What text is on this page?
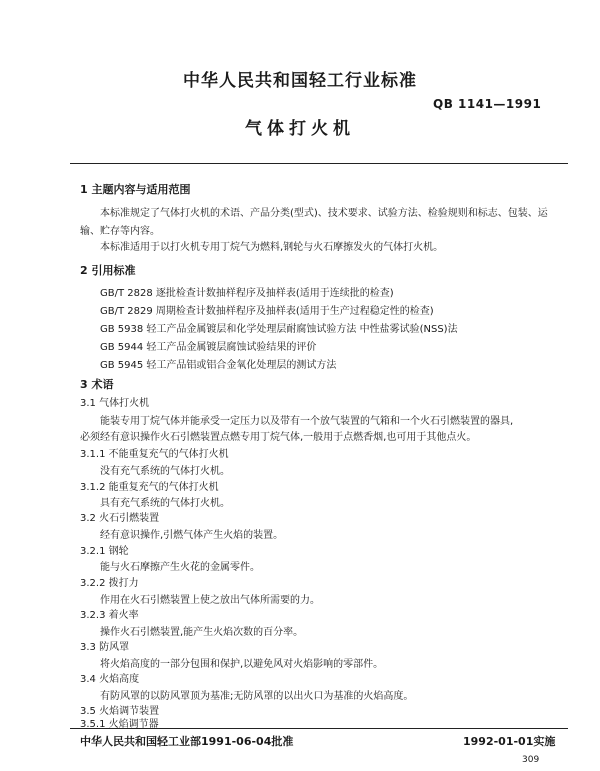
中华人民共和国轻工行业标准
QB 1141—1991
气体打火机
1 主题内容与适用范围
本标准规定了气体打火机的术语、产品分类(型式)、技术要求、试验方法、检验规则和标志、包装、运
输、贮存等内容。
本标准适用于以打火机专用丁烷气为燃料,钢轮与火石摩擦发火的气体打火机。
2 引用标准
GB/T 2828 逐批检查计数抽样程序及抽样表(适用于连续批的检查)
GB/T 2829 周期检查计数抽样程序及抽样表(适用于生产过程稳定性的检查)
GB 5938 轻工产品金属镀层和化学处理层耐腐蚀试验方法 中性盐雾试验(NSS)法
GB 5944 轻工产品金属镀层腐蚀试验结果的评价
GB 5945 轻工产品铝或铝合金氧化处理层的测试方法
3 术语
3.1 气体打火机
能装专用丁烷气体并能承受一定压力以及带有一个放气装置的气箱和一个火石引燃装置的器具,
必须经有意识操作火石引燃装置点燃专用丁烷气体,一般用于点燃香烟,也可用于其他点火。
3.1.1 不能重复充气的气体打火机
没有充气系统的气体打火机。
3.1.2 能重复充气的气体打火机
具有充气系统的气体打火机。
3.2 火石引燃装置
经有意识操作,引燃气体产生火焰的装置。
3.2.1 钢轮
能与火石摩擦产生火花的金属零件。
3.2.2 拨打力
作用在火石引燃装置上使之放出气体所需要的力。
3.2.3 着火率
操作火石引燃装置,能产生火焰次数的百分率。
3.3 防风罩
将火焰高度的一部分包围和保护,以避免风对火焰影响的零部件。
3.4 火焰高度
有防风罩的以防风罩顶为基准;无防风罩的以出火口为基准的火焰高度。
3.5 火焰调节装置
3.5.1 火焰调节器
中华人民共和国轻工业部1991-06-04批准	1992-01-01实施
309
